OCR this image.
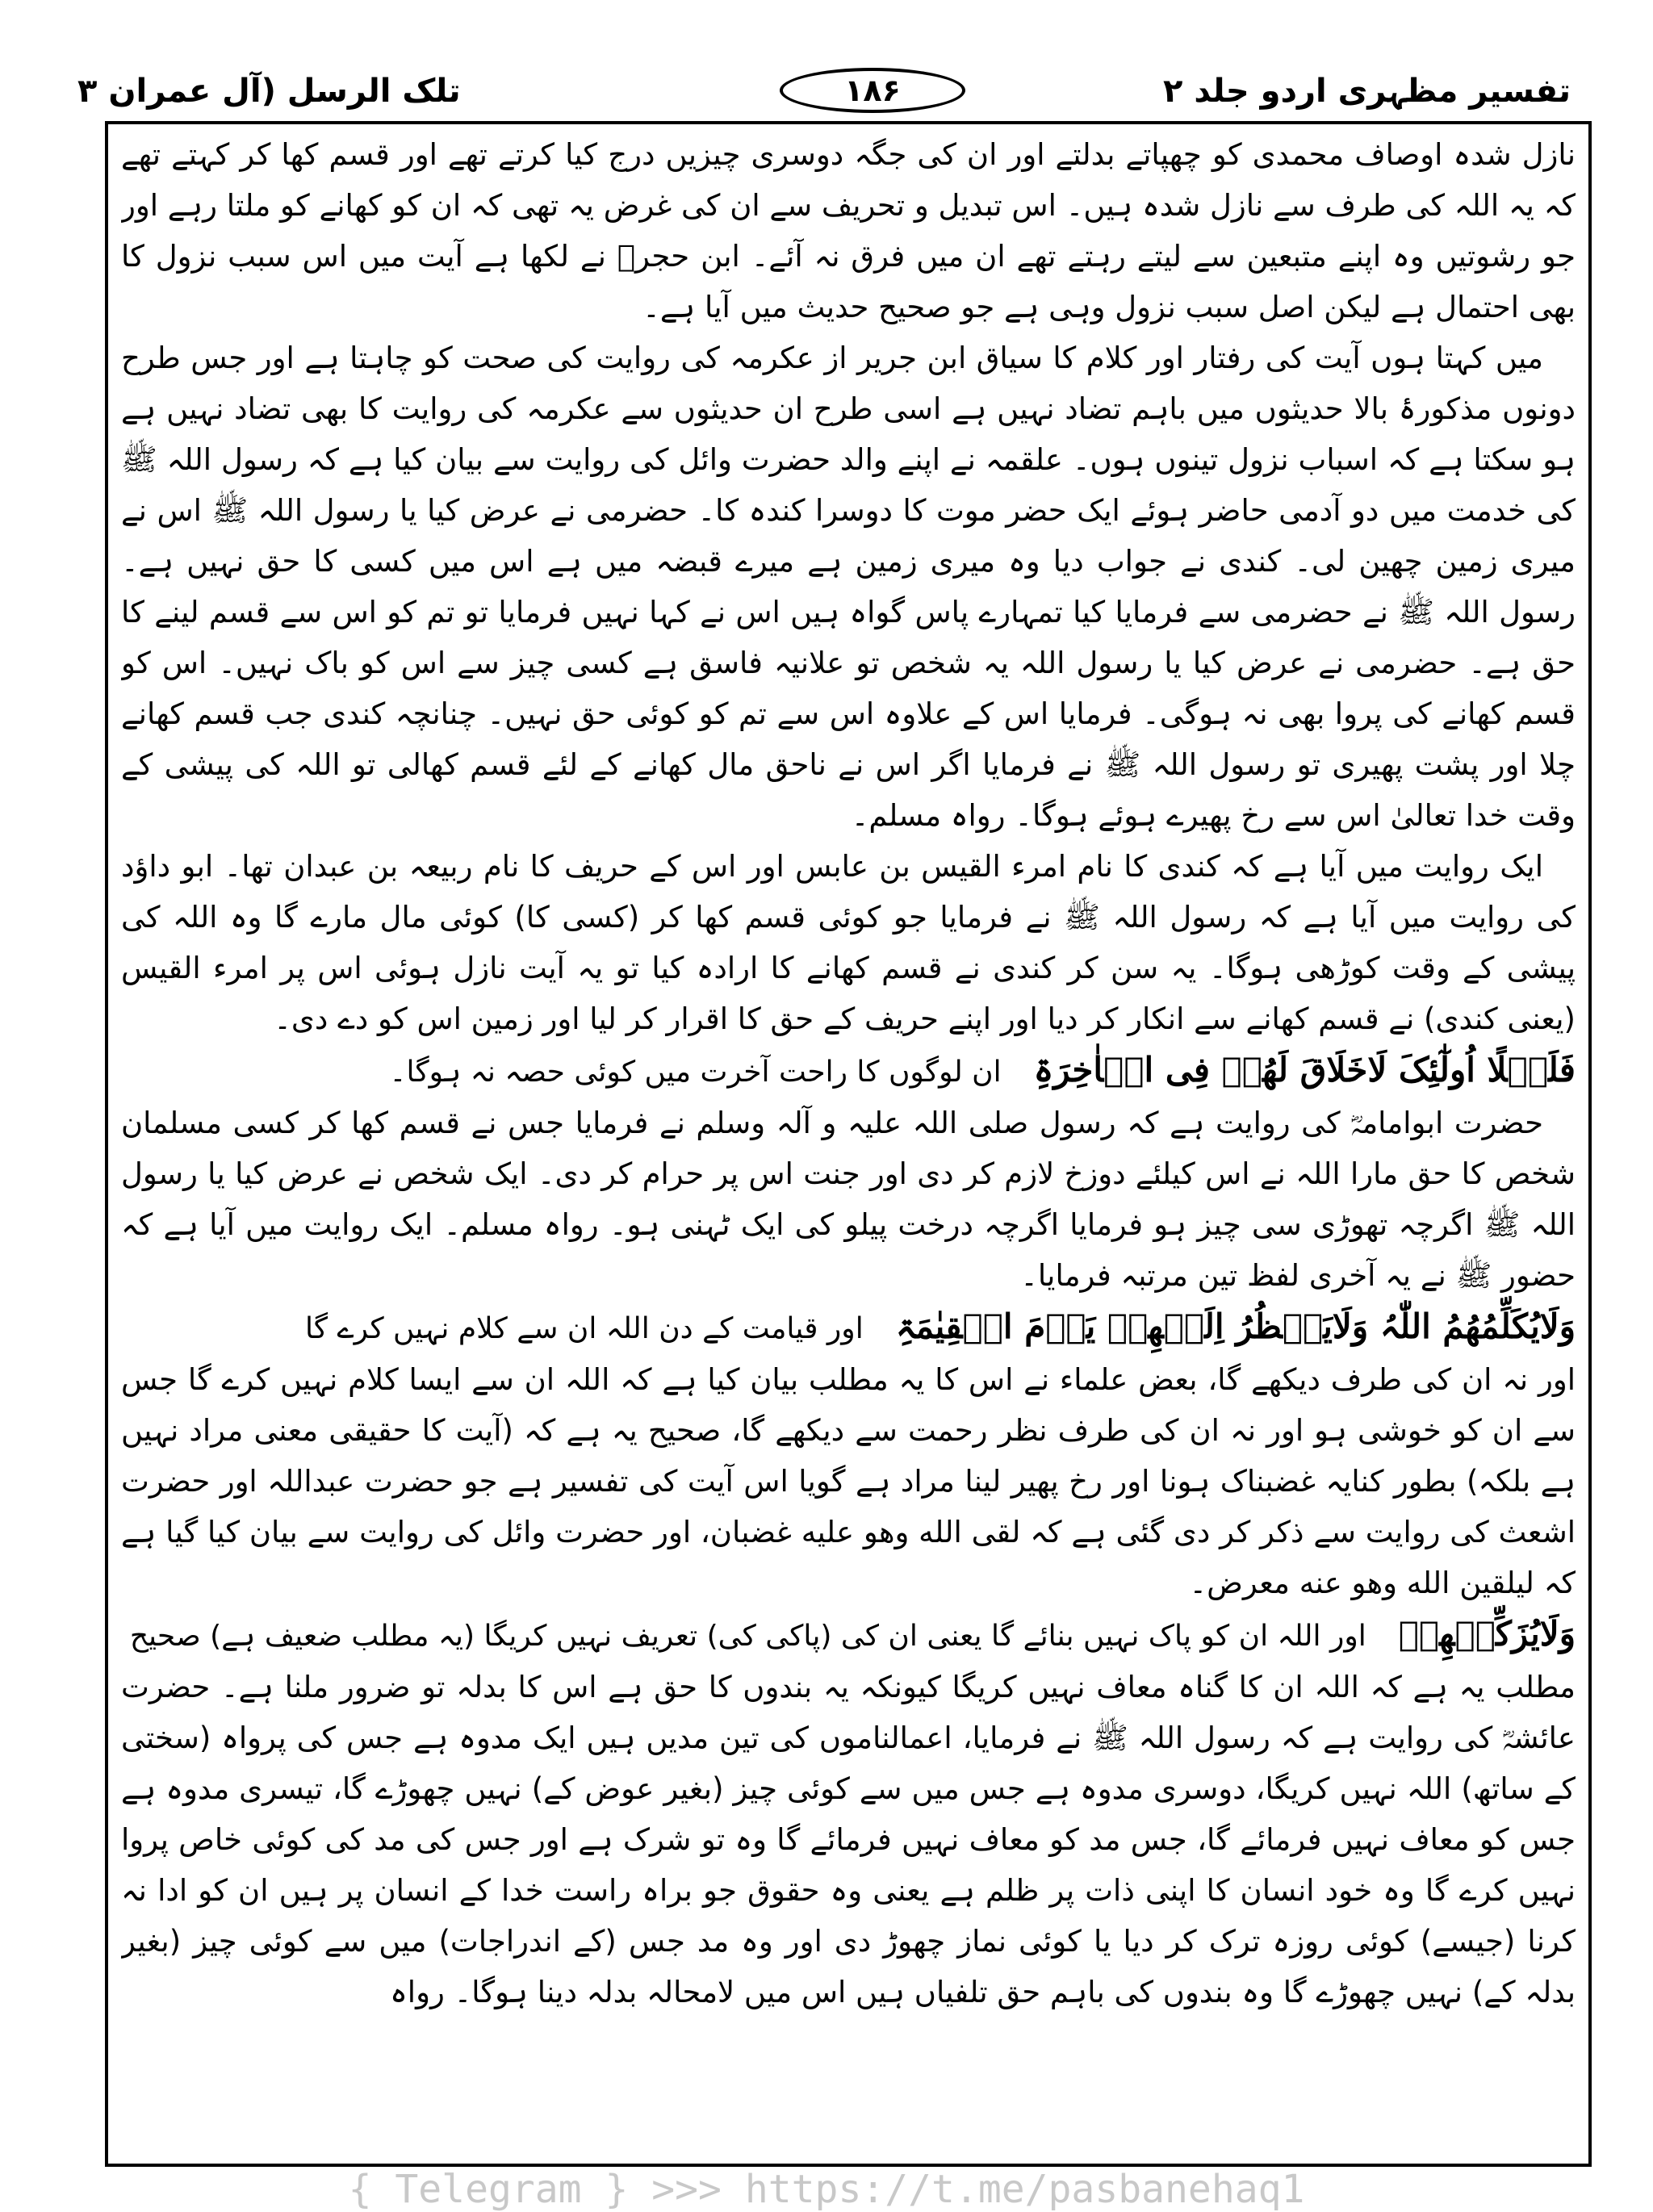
تفسیر مظہری اردو جلد ۲
۱۸۶
تلک الرسل (آل عمران ۳

نازل شدہ اوصاف محمدی کو چھپاتے بدلتے اور ان کی جگہ دوسری چیزیں درج کیا کرتے تھے اور قسم کھا کر کہتے تھے کہ یہ اللہ کی طرف سے نازل شدہ ہیں۔ اس تبدیل و تحریف سے ان کی غرض یہ تھی کہ ان کو کھانے کو ملتا رہے اور جو رشوتیں وہ اپنے متبعین سے لیتے رہتے تھے ان میں فرق نہ آئے۔ ابن حجرؒ نے لکھا ہے آیت میں اس سبب نزول کا بھی احتمال ہے لیکن اصل سبب نزول وہی ہے جو صحیح حدیث میں آیا ہے۔

میں کہتا ہوں آیت کی رفتار اور کلام کا سیاق ابن جریر از عکرمہ کی روایت کی صحت کو چاہتا ہے اور جس طرح دونوں مذکورۂ بالا حدیثوں میں باہم تضاد نہیں ہے اسی طرح ان حدیثوں سے عکرمہ کی روایت کا بھی تضاد نہیں ہے ہو سکتا ہے کہ اسباب نزول تینوں ہوں۔ علقمہ نے اپنے والد حضرت وائل کی روایت سے بیان کیا ہے کہ رسول اللہ ﷺ کی خدمت میں دو آدمی حاضر ہوئے ایک حضر موت کا دوسرا کندہ کا۔ حضرمی نے عرض کیا یا رسول اللہ ﷺ اس نے میری زمین چھین لی۔ کندی نے جواب دیا وہ میری زمین ہے میرے قبضہ میں ہے اس میں کسی کا حق نہیں ہے۔ رسول اللہ ﷺ نے حضرمی سے فرمایا کیا تمہارے پاس گواہ ہیں اس نے کہا نہیں فرمایا تو تم کو اس سے قسم لینے کا حق ہے۔ حضرمی نے عرض کیا یا رسول اللہ یہ شخص تو علانیہ فاسق ہے کسی چیز سے اس کو باک نہیں۔ اس کو قسم کھانے کی پروا بھی نہ ہوگی۔ فرمایا اس کے علاوہ اس سے تم کو کوئی حق نہیں۔ چنانچہ کندی جب قسم کھانے چلا اور پشت پھیری تو رسول اللہ ﷺ نے فرمایا اگر اس نے ناحق مال کھانے کے لئے قسم کھالی تو اللہ کی پیشی کے وقت خدا تعالیٰ اس سے رخ پھیرے ہوئے ہوگا۔ رواہ مسلم۔

ایک روایت میں آیا ہے کہ کندی کا نام امرء القیس بن عابس اور اس کے حریف کا نام ربیعہ بن عبدان تھا۔ ابو داؤد کی روایت میں آیا ہے کہ رسول اللہ ﷺ نے فرمایا جو کوئی قسم کھا کر (کسی کا) کوئی مال مارے گا وہ اللہ کی پیشی کے وقت کوڑھی ہوگا۔ یہ سن کر کندی نے قسم کھانے کا ارادہ کیا تو یہ آیت نازل ہوئی اس پر امرء القیس (یعنی کندی) نے قسم کھانے سے انکار کر دیا اور اپنے حریف کے حق کا اقرار کر لیا اور زمین اس کو دے دی۔

فَلَیۡلًا اُولٰٓئِکَ لَاخَلَاقَ لَھُمۡ فِی الۡاٰخِرَۃِ
ان لوگوں کا راحت آخرت میں کوئی حصہ نہ ہوگا۔

حضرت ابوامامہؓ کی روایت ہے کہ رسول صلی اللہ علیہ و آلہ وسلم نے فرمایا جس نے قسم کھا کر کسی مسلمان شخص کا حق مارا اللہ نے اس کیلئے دوزخ لازم کر دی اور جنت اس پر حرام کر دی۔ ایک شخص نے عرض کیا یا رسول اللہ ﷺ اگرچہ تھوڑی سی چیز ہو فرمایا اگرچہ درخت پیلو کی ایک ٹہنی ہو۔ رواہ مسلم۔ ایک روایت میں آیا ہے کہ حضور ﷺ نے یہ آخری لفظ تین مرتبہ فرمایا۔

وَلَایُکَلِّمُھُمُ اللّٰہُ وَلَایَنۡظُرُ اِلَیۡھِمۡ یَوۡمَ الۡقِیٰمَۃِ
اور قیامت کے دن اللہ ان سے کلام نہیں کرے گا

اور نہ ان کی طرف دیکھے گا، بعض علماء نے اس کا یہ مطلب بیان کیا ہے کہ اللہ ان سے ایسا کلام نہیں کرے گا جس سے ان کو خوشی ہو اور نہ ان کی طرف نظر رحمت سے دیکھے گا، صحیح یہ ہے کہ (آیت کا حقیقی معنی مراد نہیں ہے بلکہ) بطور کنایہ غضبناک ہونا اور رخ پھیر لینا مراد ہے گویا اس آیت کی تفسیر ہے جو حضرت عبداللہ اور حضرت اشعث کی روایت سے ذکر کر دی گئی ہے کہ لقی الله وهو عليه غضبان، اور حضرت وائل کی روایت سے بیان کیا گیا ہے کہ ليلقين الله وهو عنه معرض۔

وَلَایُزَکِّیۡھِمۡ
اور اللہ ان کو پاک نہیں بنائے گا یعنی ان کی (پاکی کی) تعریف نہیں کریگا (یہ مطلب ضعیف ہے) صحیح

مطلب یہ ہے کہ اللہ ان کا گناہ معاف نہیں کریگا کیونکہ یہ بندوں کا حق ہے اس کا بدلہ تو ضرور ملنا ہے۔ حضرت عائشہؓ کی روایت ہے کہ رسول اللہ ﷺ نے فرمایا، اعمالناموں کی تین مدیں ہیں ایک مدوہ ہے جس کی پرواہ (سختی کے ساتھ) اللہ نہیں کریگا، دوسری مدوہ ہے جس میں سے کوئی چیز (بغیر عوض کے) نہیں چھوڑے گا، تیسری مدوہ ہے جس کو معاف نہیں فرمائے گا، جس مد کو معاف نہیں فرمائے گا وہ تو شرک ہے اور جس کی مد کی کوئی خاص پروا نہیں کرے گا وہ خود انسان کا اپنی ذات پر ظلم ہے یعنی وہ حقوق جو براہ راست خدا کے انسان پر ہیں ان کو ادا نہ کرنا (جیسے) کوئی روزہ ترک کر دیا یا کوئی نماز چھوڑ دی اور وہ مد جس (کے اندراجات) میں سے کوئی چیز (بغیر بدلہ کے) نہیں چھوڑے گا وہ بندوں کی باہم حق تلفیاں ہیں اس میں لامحالہ بدلہ دینا ہوگا۔ رواہ

{ Telegram } >>> https://t.me/pasbanehaq1
